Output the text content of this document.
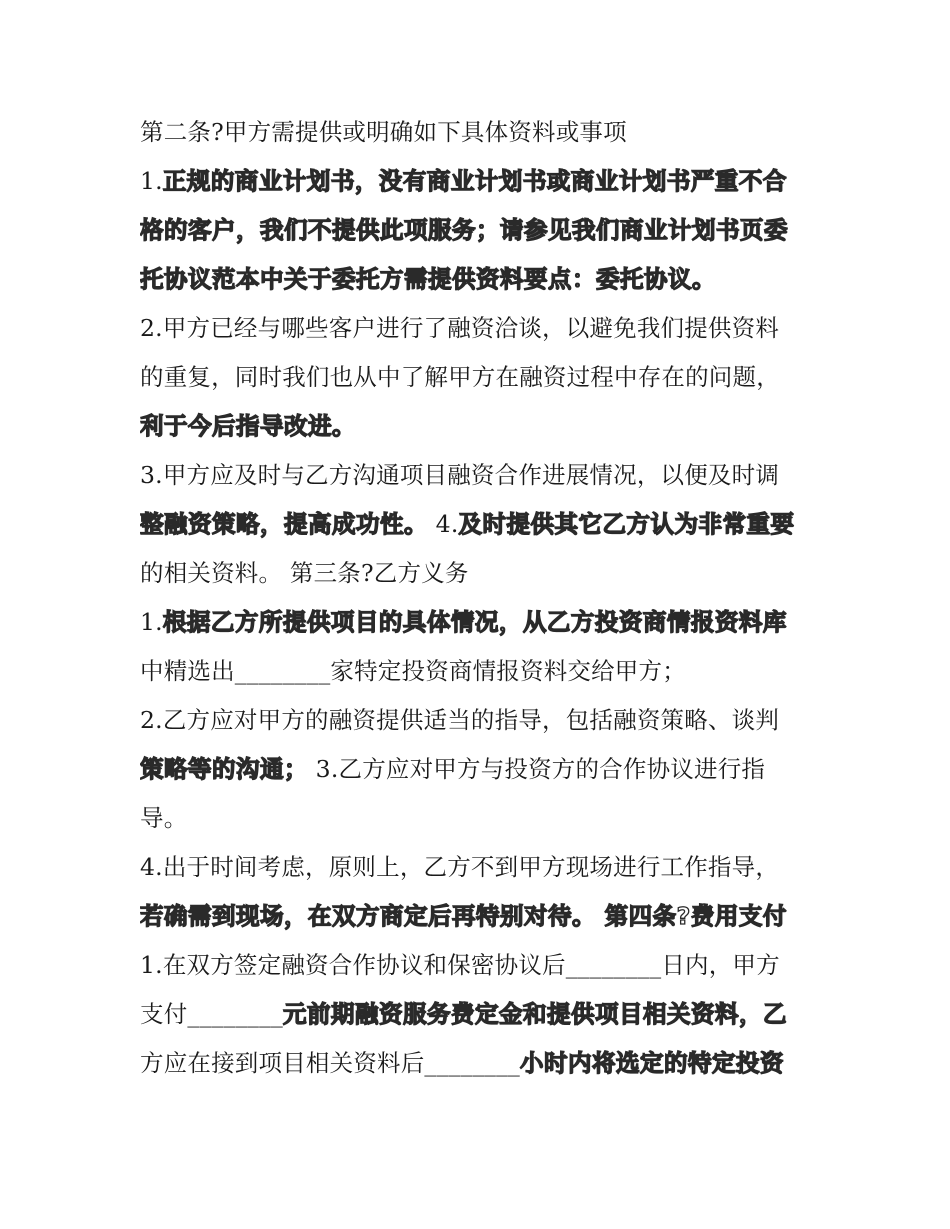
第二条?甲方需提供或明确如下具体资料或事项
1.正规的商业计划书，没有商业计划书或商业计划书严重不合
格的客户，我们不提供此项服务；请参见我们商业计划书页委
托协议范本中关于委托方需提供资料要点：委托协议。
2.甲方已经与哪些客户进行了融资洽谈，以避免我们提供资料
的重复，同时我们也从中了解甲方在融资过程中存在的问题，
利于今后指导改进。
3.甲方应及时与乙方沟通项目融资合作进展情况，以便及时调
整融资策略，提高成功性。 4.及时提供其它乙方认为非常重要
的相关资料。 第三条?乙方义务
1.根据乙方所提供项目的具体情况，从乙方投资商情报资料库
中精选出________家特定投资商情报资料交给甲方；
2.乙方应对甲方的融资提供适当的指导，包括融资策略、谈判
策略等的沟通； 3.乙方应对甲方与投资方的合作协议进行指
导。
4.出于时间考虑，原则上，乙方不到甲方现场进行工作指导，
若确需到现场，在双方商定后再特别对待。 第四条?费用支付
1.在双方签定融资合作协议和保密协议后________日内，甲方
支付________元前期融资服务费定金和提供项目相关资料，乙
方应在接到项目相关资料后________小时内将选定的特定投资
